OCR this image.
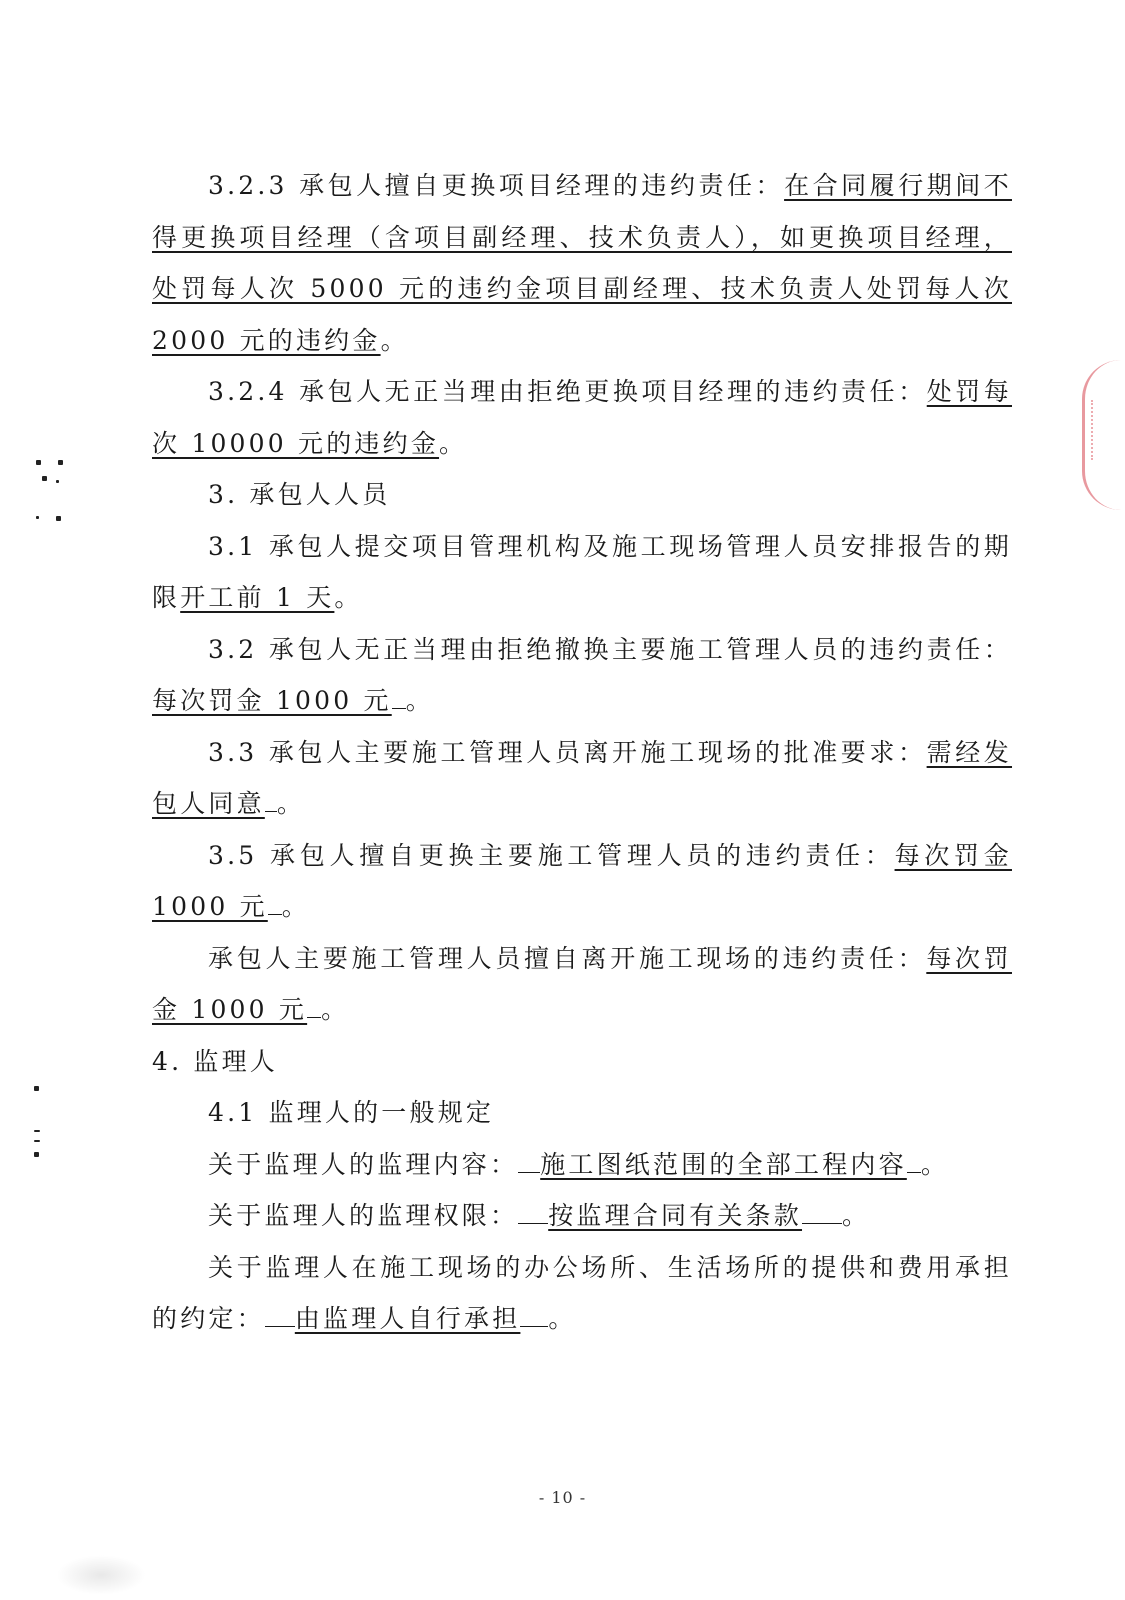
3.2.3 承包人擅自更换项目经理的违约责任：在合同履行期间不得更换项目经理（含项目副经理、技术负责人），如更换项目经理，处罚每人次 5000 元的违约金项目副经理、技术负责人处罚每人次 2000 元的违约金。

3.2.4 承包人无正当理由拒绝更换项目经理的违约责任：处罚每次 10000 元的违约金。

3. 承包人人员

3.1 承包人提交项目管理机构及施工现场管理人员安排报告的期限开工前 1 天。

3.2 承包人无正当理由拒绝撤换主要施工管理人员的违约责任：每次罚金 1000 元 。

3.3 承包人主要施工管理人员离开施工现场的批准要求：需经发包人同意 。

3.5 承包人擅自更换主要施工管理人员的违约责任：每次罚金 1000 元 。

承包人主要施工管理人员擅自离开施工现场的违约责任：每次罚金 1000 元 。

4. 监理人

4.1 监理人的一般规定

关于监理人的监理内容： 施工图纸范围的全部工程内容 。

关于监理人的监理权限： 按监理合同有关条款 。

关于监理人在施工现场的办公场所、生活场所的提供和费用承担的约定： 由监理人自行承担 。

- 10 -
